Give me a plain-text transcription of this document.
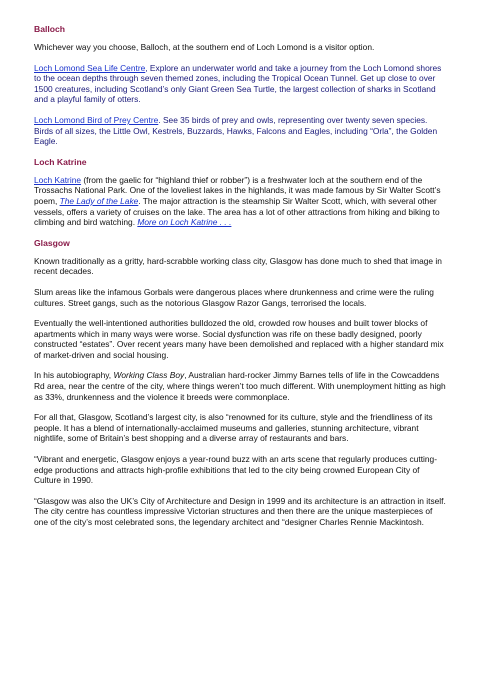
Balloch

Whichever way you choose, Balloch, at the southern end of Loch Lomond is a visitor option.

Loch Lomond Sea Life Centre, Explore an underwater world and take a journey from the Loch Lomond shores to the ocean depths through seven themed zones, including the Tropical Ocean Tunnel. Get up close to over 1500 creatures, including Scotland’s only Giant Green Sea Turtle, the largest collection of sharks in Scotland and a playful family of otters.

Loch Lomond Bird of Prey Centre. See 35 birds of prey and owls, representing over twenty seven species. Birds of all sizes, the Little Owl, Kestrels, Buzzards, Hawks, Falcons and Eagles, including “Orla”, the Golden Eagle.

Loch Katrine

Loch Katrine (from the gaelic for “highland thief or robber”) is a freshwater loch at the southern end of the Trossachs National Park. One of the loveliest lakes in the highlands, it was made famous by Sir Walter Scott’s poem, The Lady of the Lake. The major attraction is the steamship Sir Walter Scott, which, with several other vessels, offers a variety of cruises on the lake. The area has a lot of other attractions from hiking and biking to climbing and bird watching. More on Loch Katrine . . .

Glasgow

Known traditionally as a gritty, hard-scrabble working class city, Glasgow has done much to shed that image in recent decades.

Slum areas like the infamous Gorbals were dangerous places where drunkenness and crime were the ruling cultures. Street gangs, such as the notorious Glasgow Razor Gangs, terrorised the locals.

Eventually the well-intentioned authorities bulldozed the old, crowded row houses and built tower blocks of apartments which in many ways were worse. Social dysfunction was rife on these badly designed, poorly constructed “estates”. Over recent years many have been demolished and replaced with a higher standard mix of market-driven and social housing.

In his autobiography, Working Class Boy, Australian hard-rocker Jimmy Barnes tells of life in the Cowcaddens Rd area, near the centre of the city, where things weren’t too much different. With unemployment hitting as high as 33%, drunkenness and the violence it breeds were commonplace.

For all that, Glasgow, Scotland’s largest city, is also “renowned for its culture, style and the friendliness of its people. It has a blend of internationally-acclaimed museums and galleries, stunning architecture, vibrant nightlife, some of Britain’s best shopping and a diverse array of restaurants and bars.

“Vibrant and energetic, Glasgow enjoys a year-round buzz with an arts scene that regularly produces cutting-edge productions and attracts high-profile exhibitions that led to the city being crowned European City of Culture in 1990.

“Glasgow was also the UK’s City of Architecture and Design in 1999 and its architecture is an attraction in itself. The city centre has countless impressive Victorian structures and then there are the unique masterpieces of one of the city’s most celebrated sons, the legendary architect and “designer Charles Rennie Mackintosh.
